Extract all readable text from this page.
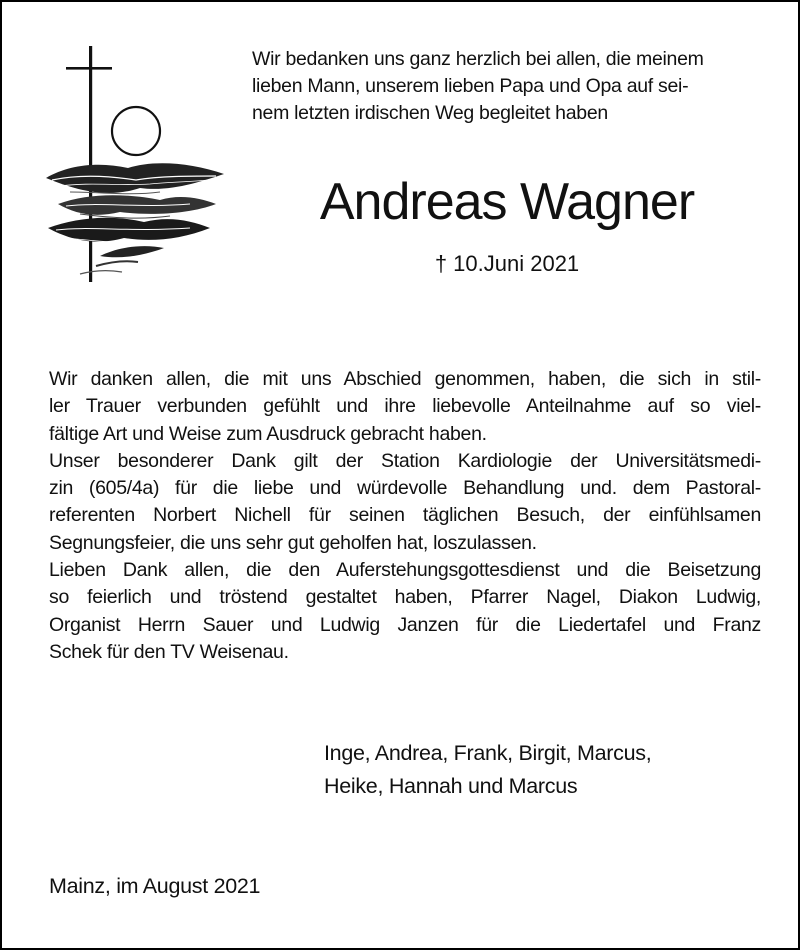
Wir bedanken uns ganz herzlich bei allen, die meinem
lieben Mann, unserem lieben Papa und Opa auf sei-
nem letzten irdischen Weg begleitet haben
Andreas Wagner
† 10.Juni 2021
Wir danken allen, die mit uns Abschied genommen, haben, die sich in stil-
ler Trauer verbunden gefühlt und ihre liebevolle Anteilnahme auf so viel-
fältige Art und Weise zum Ausdruck gebracht haben.
Unser besonderer Dank gilt der Station Kardiologie der Universitätsmedi-
zin (605/4a) für die liebe und würdevolle Behandlung und. dem Pastoral-
referenten Norbert Nichell für seinen täglichen Besuch, der einfühlsamen
Segnungsfeier, die uns sehr gut geholfen hat, loszulassen.
Lieben Dank allen, die den Auferstehungsgottesdienst und die Beisetzung
so feierlich und tröstend gestaltet haben, Pfarrer Nagel, Diakon Ludwig,
Organist Herrn Sauer und Ludwig Janzen für die Liedertafel und Franz
Schek für den TV Weisenau.
Inge, Andrea, Frank, Birgit, Marcus,
Heike, Hannah und Marcus
Mainz, im August 2021
